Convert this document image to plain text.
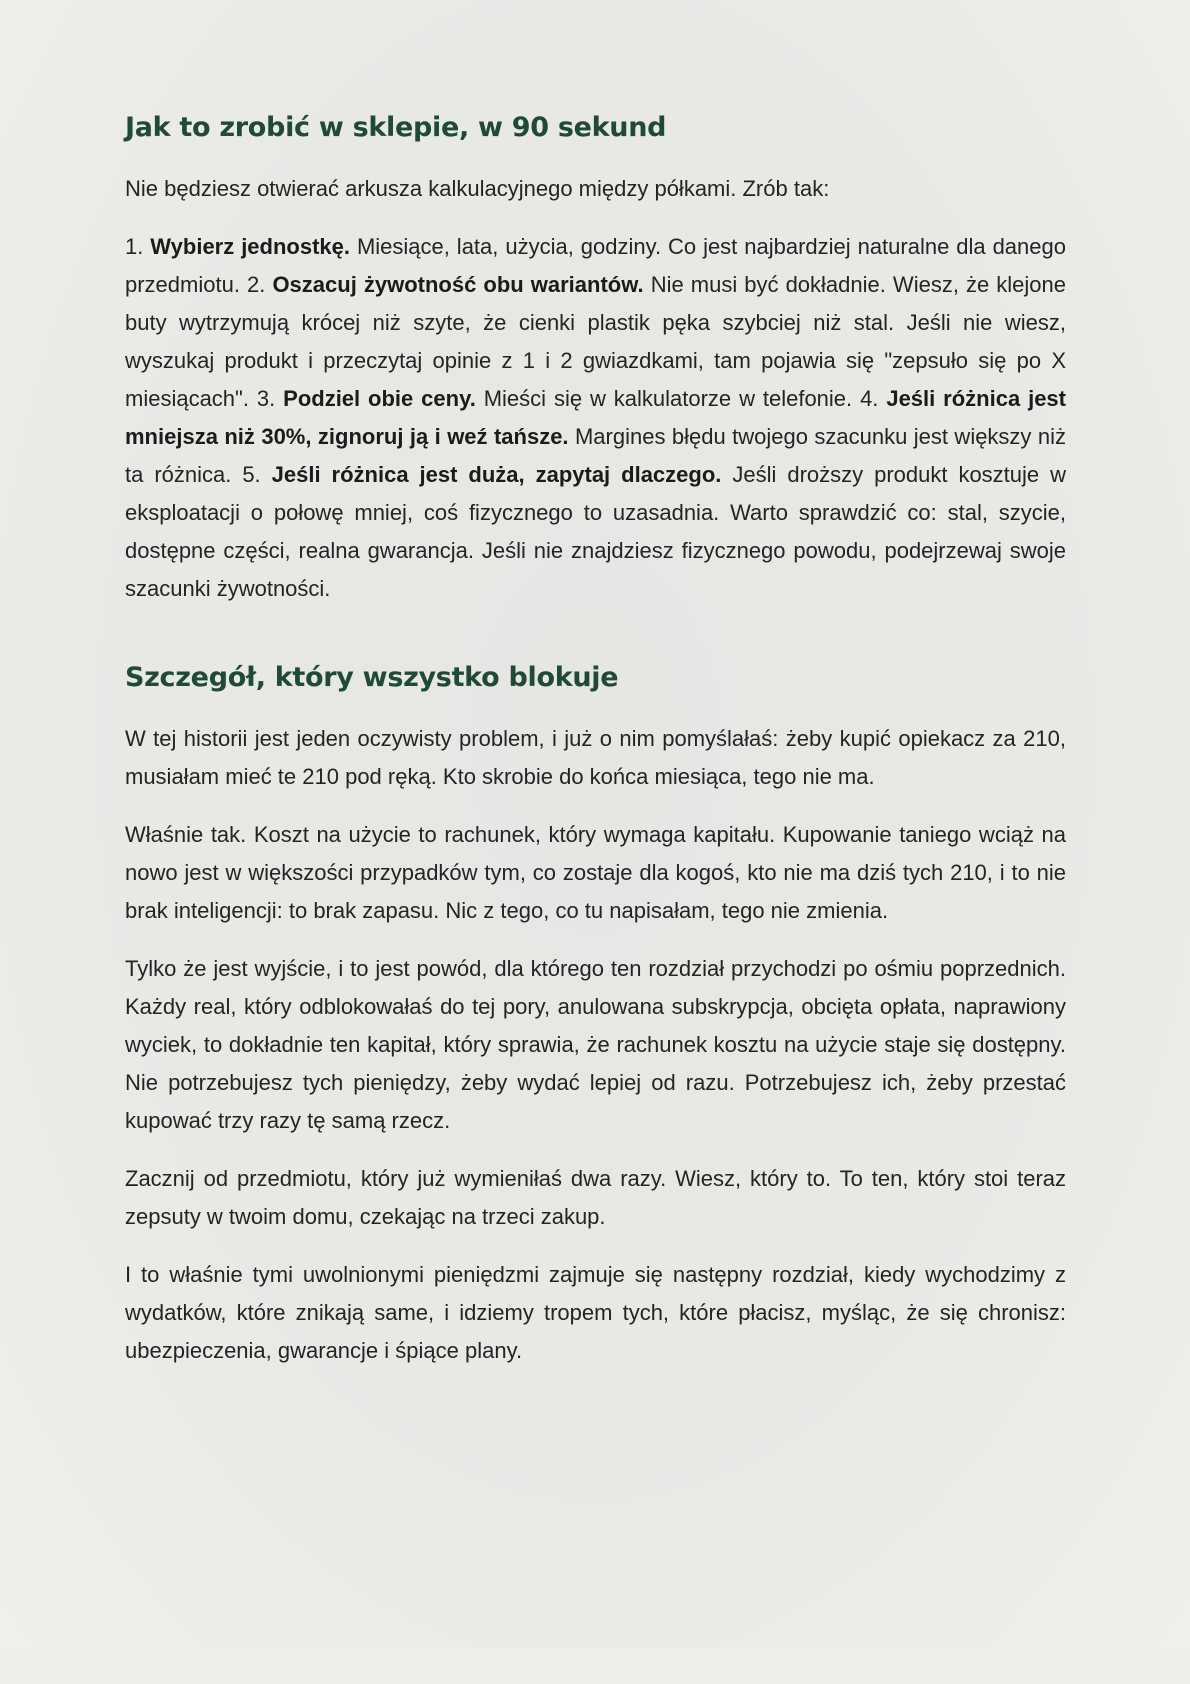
Jak to zrobić w sklepie, w 90 sekund

Nie będziesz otwierać arkusza kalkulacyjnego między półkami. Zrób tak:

1. Wybierz jednostkę. Miesiące, lata, użycia, godziny. Co jest najbardziej naturalne dla danego przedmiotu. 2. Oszacuj żywotność obu wariantów. Nie musi być dokładnie. Wiesz, że klejone buty wytrzymują krócej niż szyte, że cienki plastik pęka szybciej niż stal. Jeśli nie wiesz, wyszukaj produkt i przeczytaj opinie z 1 i 2 gwiazdkami, tam pojawia się "zepsuło się po X miesiącach". 3. Podziel obie ceny. Mieści się w kalkulatorze w telefonie. 4. Jeśli różnica jest mniejsza niż 30%, zignoruj ją i weź tańsze. Margines błędu twojego szacunku jest większy niż ta różnica. 5. Jeśli różnica jest duża, zapytaj dlaczego. Jeśli droższy produkt kosztuje w eksploatacji o połowę mniej, coś fizycznego to uzasadnia. Warto sprawdzić co: stal, szycie, dostępne części, realna gwarancja. Jeśli nie znajdziesz fizycznego powodu, podejrzewaj swoje szacunki żywotności.

Szczegół, który wszystko blokuje

W tej historii jest jeden oczywisty problem, i już o nim pomyślałaś: żeby kupić opiekacz za 210, musiałam mieć te 210 pod ręką. Kto skrobie do końca miesiąca, tego nie ma.

Właśnie tak. Koszt na użycie to rachunek, który wymaga kapitału. Kupowanie taniego wciąż na nowo jest w większości przypadków tym, co zostaje dla kogoś, kto nie ma dziś tych 210, i to nie brak inteligencji: to brak zapasu. Nic z tego, co tu napisałam, tego nie zmienia.

Tylko że jest wyjście, i to jest powód, dla którego ten rozdział przychodzi po ośmiu poprzednich. Każdy real, który odblokowałaś do tej pory, anulowana subskrypcja, obcięta opłata, naprawiony wyciek, to dokładnie ten kapitał, który sprawia, że rachunek kosztu na użycie staje się dostępny. Nie potrzebujesz tych pieniędzy, żeby wydać lepiej od razu. Potrzebujesz ich, żeby przestać kupować trzy razy tę samą rzecz.

Zacznij od przedmiotu, który już wymieniłaś dwa razy. Wiesz, który to. To ten, który stoi teraz zepsuty w twoim domu, czekając na trzeci zakup.

I to właśnie tymi uwolnionymi pieniędzmi zajmuje się następny rozdział, kiedy wychodzimy z wydatków, które znikają same, i idziemy tropem tych, które płacisz, myśląc, że się chronisz: ubezpieczenia, gwarancje i śpiące plany.
